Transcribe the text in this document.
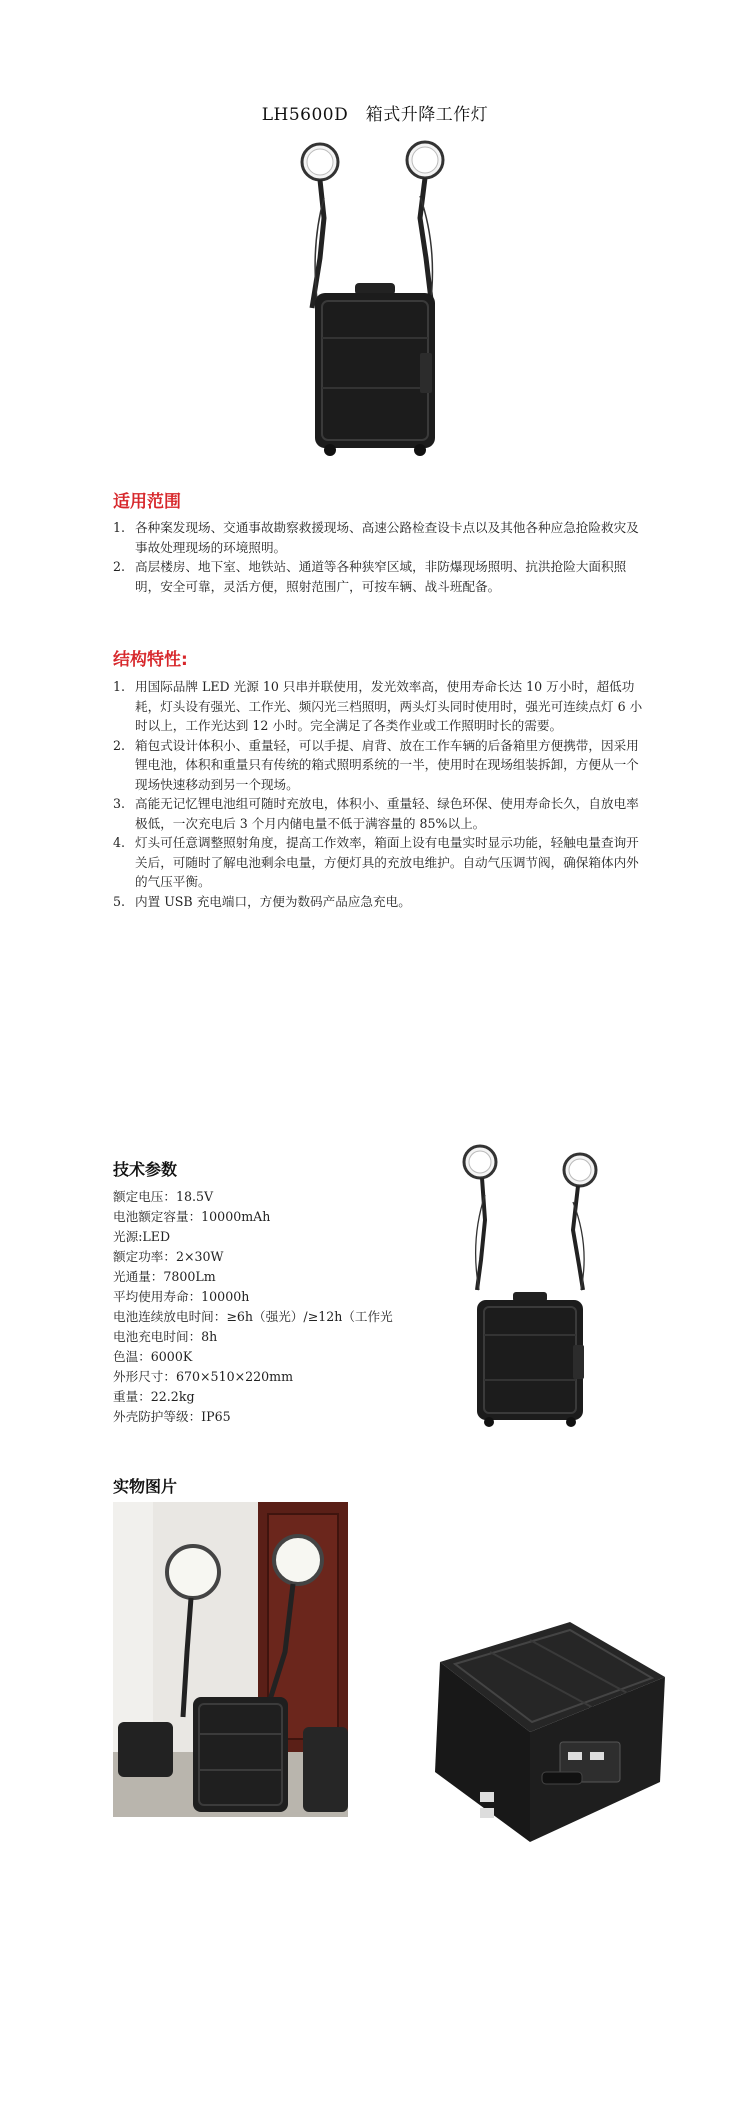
LH5600D　箱式升降工作灯
适用范围
1. 各种案发现场、交通事故勘察救援现场、高速公路检查设卡点以及其他各种应急抢险救灾及事故处理现场的环境照明。
2. 高层楼房、地下室、地铁站、通道等各种狭窄区域，非防爆现场照明、抗洪抢险大面积照明，安全可靠，灵活方便，照射范围广，可按车辆、战斗班配备。
结构特性:
1. 用国际品牌 LED 光源 10 只串并联使用，发光效率高，使用寿命长达 10 万小时，超低功耗，灯头设有强光、工作光、频闪光三档照明，两头灯头同时使用时，强光可连续点灯 6 小时以上，工作光达到 12 小时。完全满足了各类作业或工作照明时长的需要。
2. 箱包式设计体积小、重量轻，可以手提、肩背、放在工作车辆的后备箱里方便携带，因采用锂电池，体积和重量只有传统的箱式照明系统的一半，使用时在现场组装拆卸，方便从一个现场快速移动到另一个现场。
3. 高能无记忆锂电池组可随时充放电，体积小、重量轻、绿色环保、使用寿命长久，自放电率极低，一次充电后 3 个月内储电量不低于满容量的 85%以上。
4. 灯头可任意调整照射角度，提高工作效率，箱面上设有电量实时显示功能，轻触电量查询开关后，可随时了解电池剩余电量，方便灯具的充放电维护。自动气压调节阀，确保箱体内外的气压平衡。
5. 内置 USB 充电端口，方便为数码产品应急充电。
技术参数
额定电压：18.5V
电池额定容量：10000mAh
光源:LED
额定功率：2×30W
光通量：7800Lm
平均使用寿命：10000h
电池连续放电时间：≥6h（强光）/≥12h（工作光
电池充电时间：8h
色温：6000K
外形尺寸：670×510×220mm
重量：22.2kg
外壳防护等级：IP65
实物图片
